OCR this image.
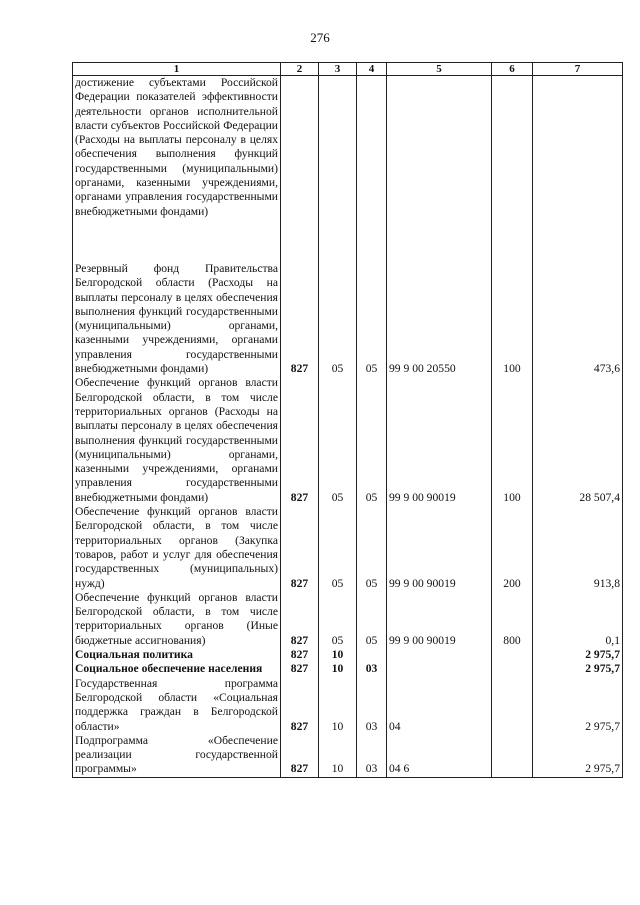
276
1	2	3	4	5	6	7
достижение субъектами Российской Федерации показателей эффективности деятельности органов исполнительной власти субъектов Российской Федерации (Расходы на выплаты персоналу в целях обеспечения выполнения функций государственными (муниципальными) органами, казенными учреждениями, органами управления государственными внебюджетными фондами)						
Резервный фонд Правительства Белгородской области (Расходы на выплаты персоналу в целях обеспечения выполнения функций государственными (муниципальными) органами, казенными учреждениями, органами управления государственными внебюджетными фондами)	827	05	05	99 9 00 20550	100	473,6
Обеспечение функций органов власти Белгородской области, в том числе территориальных органов (Расходы на выплаты персоналу в целях обеспечения выполнения функций государственными (муниципальными) органами, казенными учреждениями, органами управления государственными внебюджетными фондами)	827	05	05	99 9 00 90019	100	28 507,4
Обеспечение функций органов власти Белгородской области, в том числе территориальных органов (Закупка товаров, работ и услуг для обеспечения государственных (муниципальных) нужд)	827	05	05	99 9 00 90019	200	913,8
Обеспечение функций органов власти Белгородской области, в том числе территориальных органов (Иные бюджетные ассигнования)	827	05	05	99 9 00 90019	800	0,1
Социальная политика	827	10				2 975,7
Социальное обеспечение населения	827	10	03			2 975,7
Государственная программа Белгородской области «Социальная поддержка граждан в Белгородской области»	827	10	03	04		2 975,7
Подпрограмма «Обеспечение реализации государственной программы»	827	10	03	04 6		2 975,7
